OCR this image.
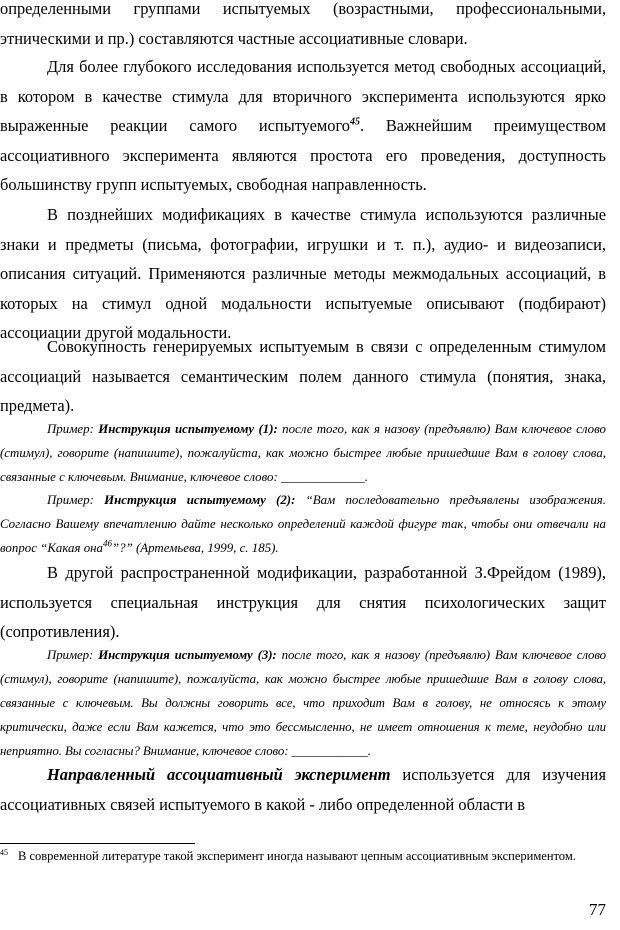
определенными группами испытуемых (возрастными, профессиональными, этническими и пр.) составляются частные ассоциативные словари.

Для более глубокого исследования используется метод свободных ассоциаций, в котором в качестве стимула для вторичного эксперимента используются ярко выраженные реакции самого испытуемого$^{45}$. Важнейшим преимуществом ассоциативного эксперимента являются простота его проведения, доступность большинству групп испытуемых, свободная направленность.

В позднейших модификациях в качестве стимула используются различные знаки и предметы (письма, фотографии, игрушки и т. п.), аудио- и видеозаписи, описания ситуаций. Применяются различные методы межмодальных ассоциаций, в которых на стимул одной модальности испытуемые описывают (подбирают) ассоциации другой модальности.

Совокупность генерируемых испытуемым в связи с определенным стимулом ассоциаций называется семантическим полем данного стимула (понятия, знака, предмета).

Пример: Инструкция испытуемому (1): после того, как я назову (предъявлю) Вам ключевое слово (стимул), говорите (напишите), пожалуйста, как можно быстрее любые пришедшие Вам в голову слова, связанные с ключевым. Внимание, ключевое слово: _____________.

Пример: Инструкция испытуемому (2): “Вам последовательно предъявлены изображения. Согласно Вашему впечатлению дайте несколько определений каждой фигуре так, чтобы они отвечали на вопрос “Какая она$^{46}$”?” (Артемьева, 1999, с. 185).

В другой распространенной модификации, разработанной З.Фрейдом (1989), используется специальная инструкция для снятия психологических защит (сопротивления).

Пример: Инструкция испытуемому (3): после того, как я назову (предъявлю) Вам ключевое слово (стимул), говорите (напишите), пожалуйста, как можно быстрее любые пришедшие Вам в голову слова, связанные с ключевым. Вы должны говорить все, что приходит Вам в голову, не относясь к этому критически, даже если Вам кажется, что это бессмысленно, не имеет отношения к теме, неудобно или неприятно. Вы согласны? Внимание, ключевое слово: ____________.

Направленный ассоциативный эксперимент используется для изучения ассоциативных связей испытуемого в какой - либо определенной области в

$^{45}$ В современной литературе такой эксперимент иногда называют цепным ассоциативным экспериментом.

77
